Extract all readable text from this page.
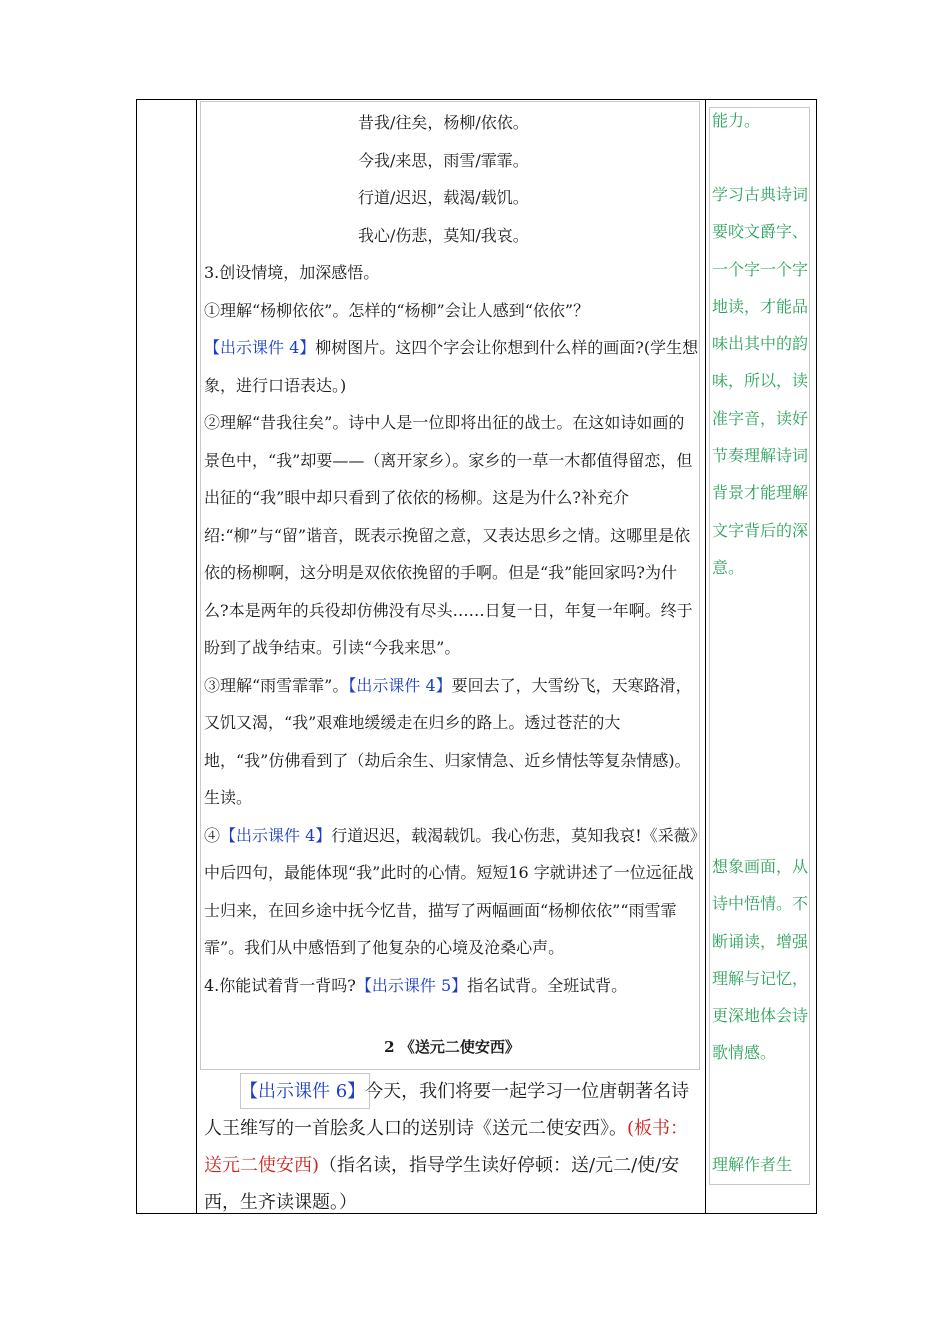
昔我/往矣，杨柳/依依。

今我/来思，雨雪/霏霏。

行道/迟迟，载渴/载饥。

我心/伤悲，莫知/我哀。

3.创设情境，加深感悟。

①理解“杨柳依依”。怎样的“杨柳”会让人感到“依依”？【出示课件 4】柳树图片。这四个字会让你想到什么样的画面?(学生想象，进行口语表达。)

②理解“昔我往矣”。诗中人是一位即将出征的战士。在这如诗如画的景色中，“我”却要——（离开家乡）。家乡的一草一木都值得留恋，但出征的“我”眼中却只看到了依依的杨柳。这是为什么?补充介绍:“柳”与“留”谐音，既表示挽留之意，又表达思乡之情。这哪里是依依的杨柳啊，这分明是双依依挽留的手啊。但是“我”能回家吗?为什么?本是两年的兵役却仿佛没有尽头……日复一日，年复一年啊。终于盼到了战争结束。引读“今我来思”。

③理解“雨雪霏霏”。【出示课件 4】要回去了，大雪纷飞，天寒路滑，又饥又渴，“我”艰难地缓缓走在归乡的路上。透过苍茫的大地，“我”仿佛看到了（劫后余生、归家情急、近乡情怯等复杂情感)。生读。

④【出示课件 4】行道迟迟，载渴载饥。我心伤悲，莫知我哀!《采薇》中后四句，最能体现“我”此时的心情。短短16 字就讲述了一位远征战士归来，在回乡途中抚今忆昔，描写了两幅画面“杨柳依依”“雨雪霏霏”。我们从中感悟到了他复杂的心境及沧桑心声。

4.你能试着背一背吗?【出示课件 5】指名试背。全班试背。

2 《送元二使安西》

【出示课件 6】今天，我们将要一起学习一位唐朝著名诗人王维写的一首脍炙人口的送别诗《送元二使安西》。(板书：送元二使安西)（指名读，指导学生读好停顿：送/元二/使/安西，生齐读课题。）

能力。

学习古典诗词要咬文爵字、一个字一个字地读，才能品味出其中的韵味，所以，读准字音，读好节奏理解诗词背景才能理解文字背后的深意。

想象画面，从诗中悟情。不断诵读，增强理解与记忆，更深地体会诗歌情感。

理解作者生
